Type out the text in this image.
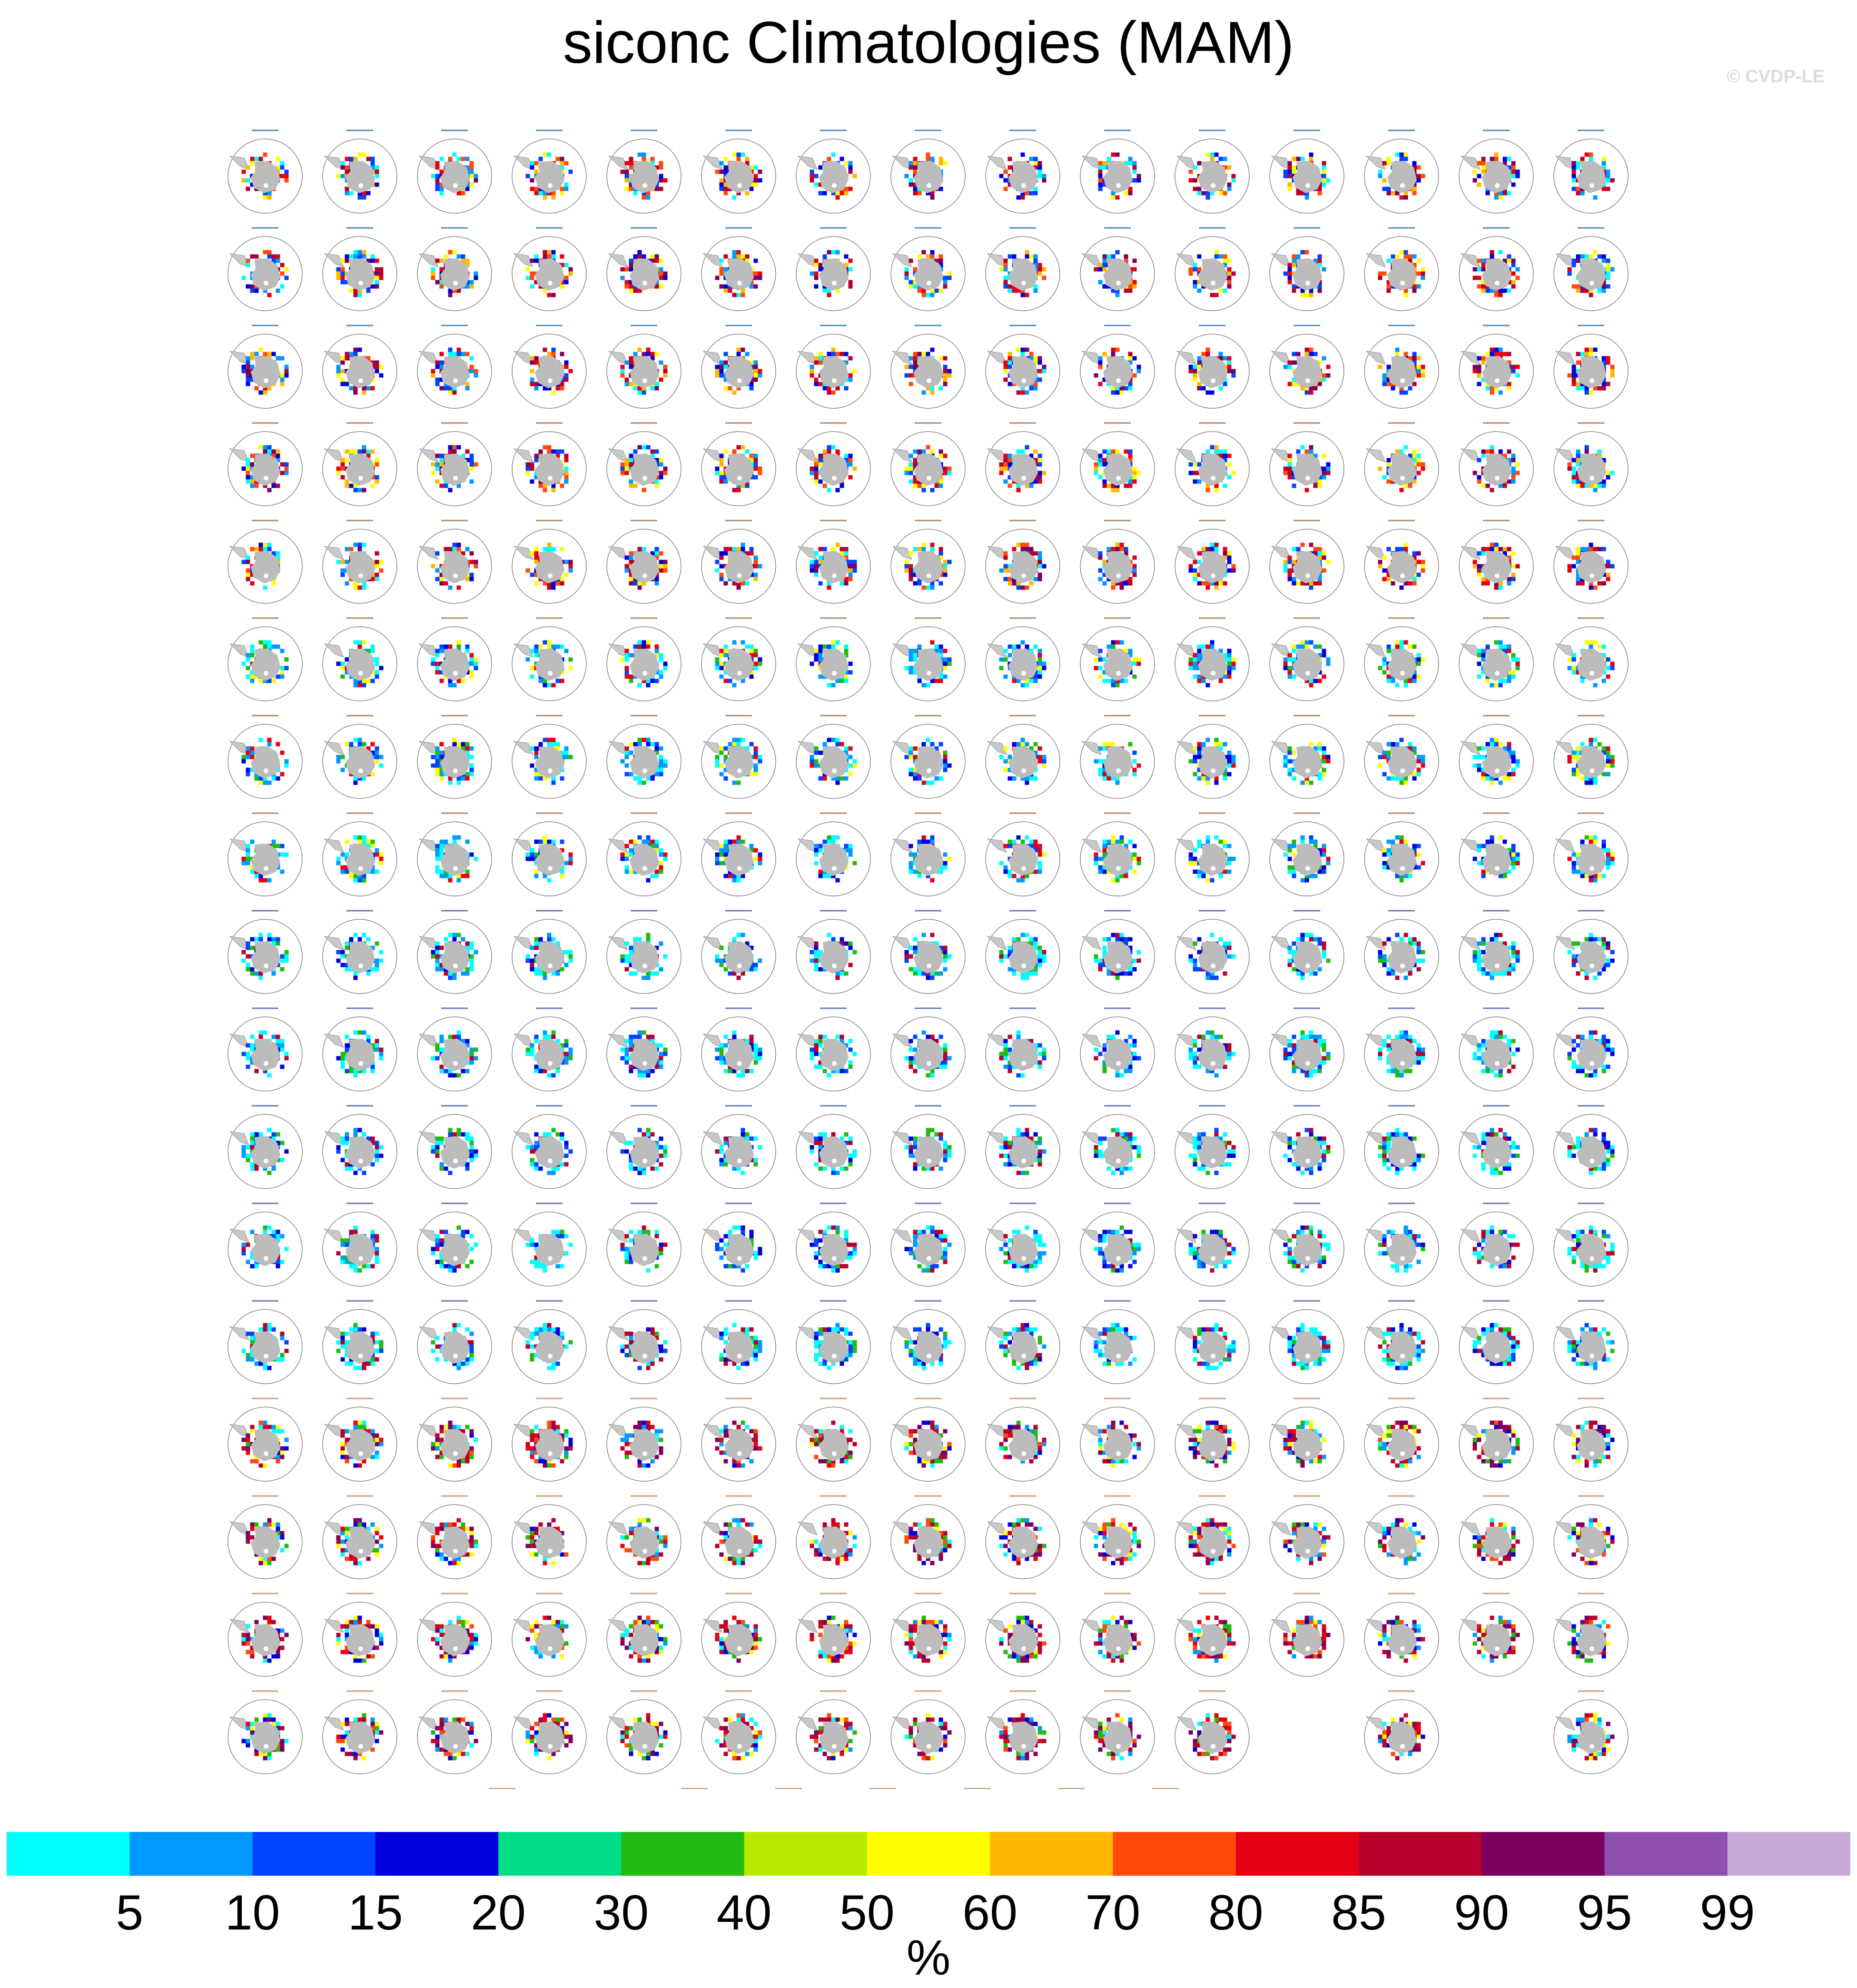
siconc Climatologies (MAM)
© CVDP-LE
5 10 15 20 30 40 50 60 70 80 85 90 95 99
%
